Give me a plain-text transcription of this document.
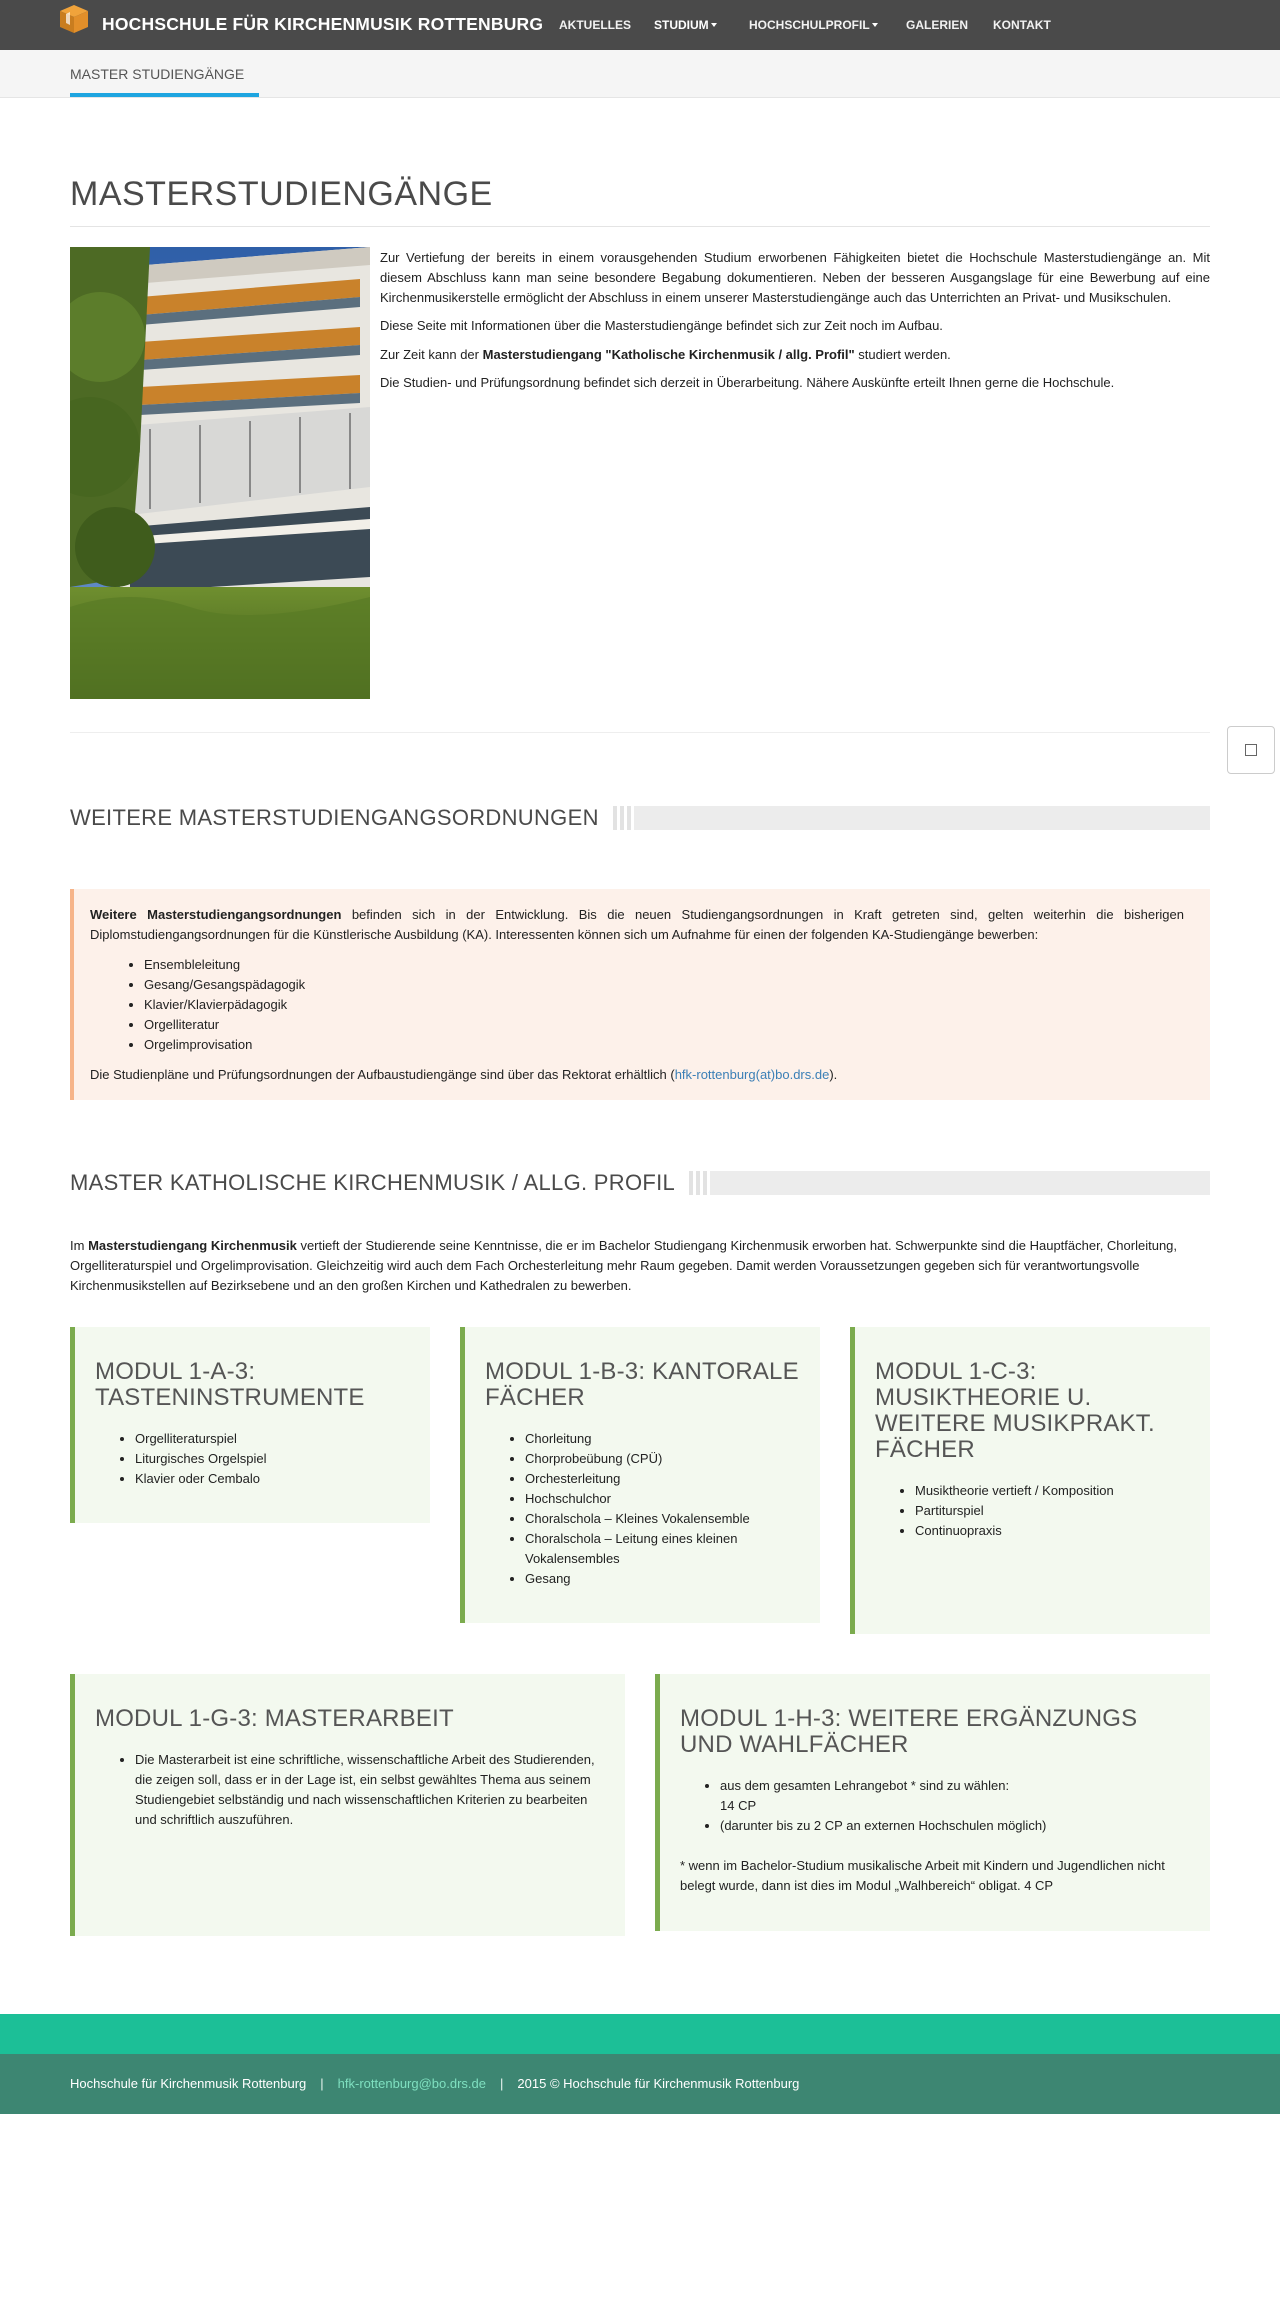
HOCHSCHULE FÜR KIRCHENMUSIK ROTTENBURG AKTUELLES STUDIUM	HOCHSCHULPROFIL	GALERIEN KONTAKT
MASTER STUDIENGÄNGE
MASTERSTUDIENGÄNGE

Zur Vertiefung der bereits in einem vorausgehenden Studium erworbenen Fähigkeiten bietet die Hochschule Masterstudiengänge an. Mit diesem Abschluss kann man seine besondere Begabung dokumentieren. Neben der besseren Ausgangslage für eine Bewerbung auf eine Kirchenmusikerstelle ermöglicht der Abschluss in einem unserer Masterstudiengänge auch das Unterrichten an Privat- und Musikschulen.

Diese Seite mit Informationen über die Masterstudiengänge befindet sich zur Zeit noch im Aufbau.

Zur Zeit kann der Masterstudiengang "Katholische Kirchenmusik / allg. Profil" studiert werden.

Die Studien- und Prüfungsordnung befindet sich derzeit in Überarbeitung. Nähere Auskünfte erteilt Ihnen gerne die Hochschule.

WEITERE MASTERSTUDIENGANGSORDNUNGEN

Weitere Masterstudiengangsordnungen befinden sich in der Entwicklung. Bis die neuen Studiengangsordnungen in Kraft getreten sind, gelten weiterhin die bisherigen Diplomstudiengangsordnungen für die Künstlerische Ausbildung (KA). Interessenten können sich um Aufnahme für einen der folgenden KA-Studiengänge bewerben:

• Ensembleleitung
• Gesang/Gesangspädagogik
• Klavier/Klavierpädagogik
• Orgelliteratur
• Orgelimprovisation

Die Studienpläne und Prüfungsordnungen der Aufbaustudiengänge sind über das Rektorat erhältlich (hfk-rottenburg(at)bo.drs.de).

MASTER KATHOLISCHE KIRCHENMUSIK / ALLG. PROFIL
Im Masterstudiengang Kirchenmusik vertieft der Studierende seine Kenntnisse, die er im Bachelor Studiengang Kirchenmusik erworben hat. Schwerpunkte sind die Hauptfächer, Chorleitung, Orgelliteraturspiel und Orgelimprovisation. Gleichzeitig wird auch dem Fach Orchesterleitung mehr Raum gegeben. Damit werden Voraussetzungen gegeben sich für verantwortungsvolle Kirchenmusikstellen auf Bezirksebene und an den großen Kirchen und Kathedralen zu bewerben.
MODUL 1-A-3: TASTENINSTRUMENTE
• Orgelliteraturspiel
• Liturgisches Orgelspiel
• Klavier oder Cembalo
MODUL 1-B-3: KANTORALE FÄCHER
• Chorleitung
• Chorprobeübung (CPÜ)
• Orchesterleitung
• Hochschulchor
• Choralschola – Kleines Vokalensemble
• Choralschola – Leitung eines kleinen Vokalensembles
• Gesang
MODUL 1-C-3: MUSIKTHEORIE U. WEITERE MUSIKPRAKT. FÄCHER
• Musiktheorie vertieft / Komposition
• Partiturspiel
• Continuopraxis
MODUL 1-G-3: MASTERARBEIT
• Die Masterarbeit ist eine schriftliche, wissenschaftliche Arbeit des Studierenden, die zeigen soll, dass er in der Lage ist, ein selbst gewähltes Thema aus seinem Studiengebiet selbständig und nach wissenschaftlichen Kriterien zu bearbeiten und schriftlich auszuführen.
MODUL 1-H-3: WEITERE ERGÄNZUNGS UND WAHLFÄCHER
• aus dem gesamten Lehrangebot * sind zu wählen:
14 CP
• (darunter bis zu 2 CP an externen Hochschulen möglich)

* wenn im Bachelor-Studium musikalische Arbeit mit Kindern und Jugendlichen nicht belegt wurde, dann ist dies im Modul „Walhbereich“ obligat. 4 CP

Hochschule für Kirchenmusik Rottenburg | hfk-rottenburg@bo.drs.de | 2015 © Hochschule für Kirchenmusik Rottenburg
